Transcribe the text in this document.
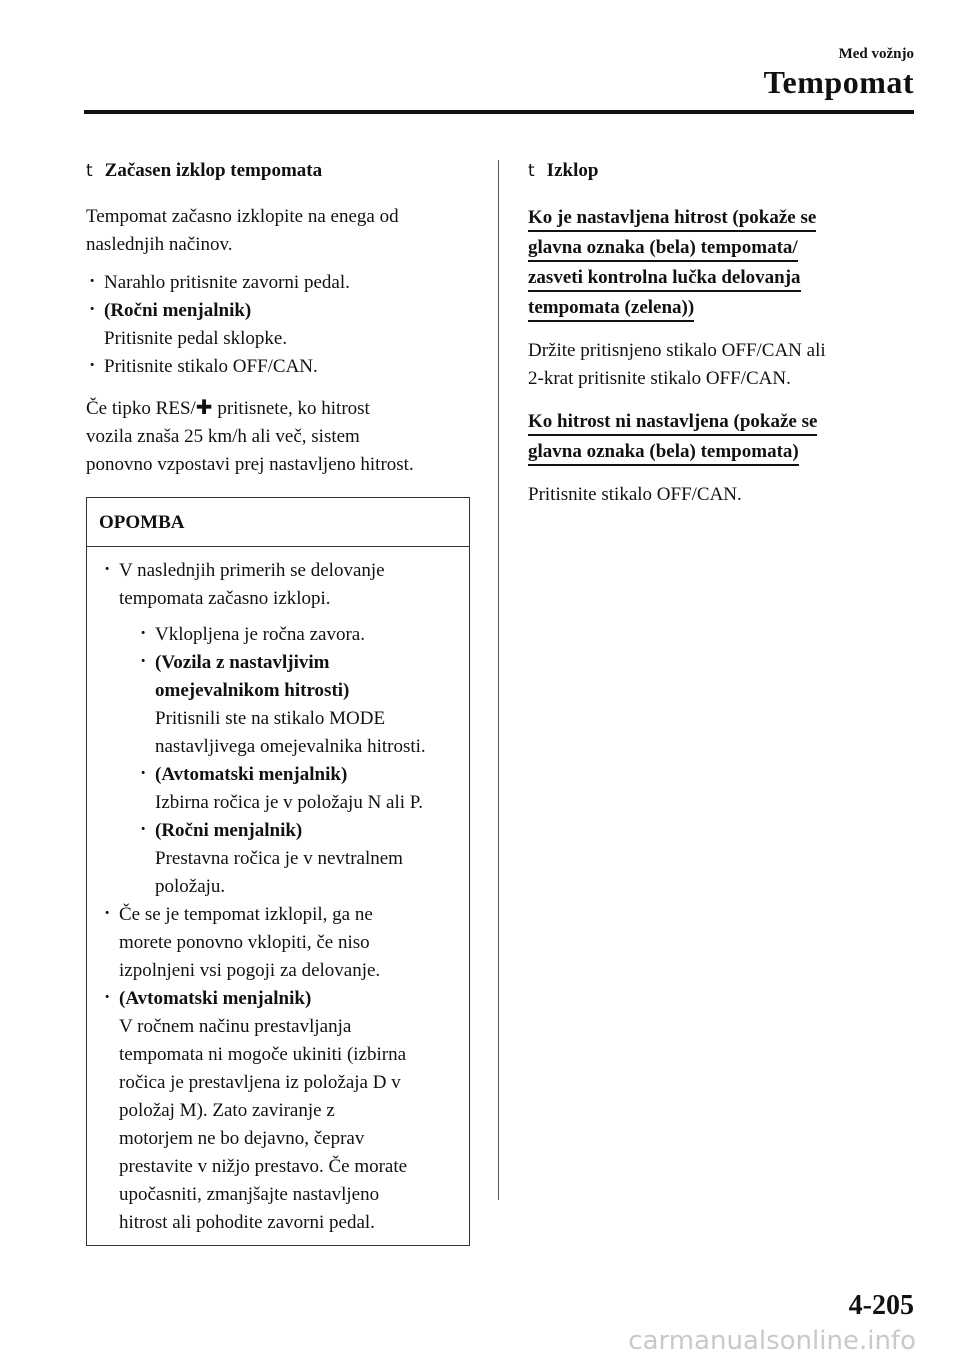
Med vožnjo
Tempomat
t Začasen izklop tempomata
Tempomat začasno izklopite na enega od
naslednjih načinov.
· Narahlo pritisnite zavorni pedal.
· (Ročni menjalnik)
Pritisnite pedal sklopke.
· Pritisnite stikalo OFF/CAN.
Če tipko RES/✚ pritisnete, ko hitrost
vozila znaša 25 km/h ali več, sistem
ponovno vzpostavi prej nastavljeno hitrost.
OPOMBA
· V naslednjih primerih se delovanje
tempomata začasno izklopi.
· Vklopljena je ročna zavora.
· (Vozila z nastavljivim
omejevalnikom hitrosti)
Pritisnili ste na stikalo MODE
nastavljivega omejevalnika hitrosti.
· (Avtomatski menjalnik)
Izbirna ročica je v položaju N ali P.
· (Ročni menjalnik)
Prestavna ročica je v nevtralnem
položaju.
· Če se je tempomat izklopil, ga ne
morete ponovno vklopiti, če niso
izpolnjeni vsi pogoji za delovanje.
· (Avtomatski menjalnik)
V ročnem načinu prestavljanja
tempomata ni mogoče ukiniti (izbirna
ročica je prestavljena iz položaja D v
položaj M). Zato zaviranje z
motorjem ne bo dejavno, čeprav
prestavite v nižjo prestavo. Če morate
upočasniti, zmanjšajte nastavljeno
hitrost ali pohodite zavorni pedal.
t Izklop
Ko je nastavljena hitrost (pokaže se
glavna oznaka (bela) tempomata/
zasveti kontrolna lučka delovanja
tempomata (zelena))
Držite pritisnjeno stikalo OFF/CAN ali
2-krat pritisnite stikalo OFF/CAN.
Ko hitrost ni nastavljena (pokaže se
glavna oznaka (bela) tempomata)
Pritisnite stikalo OFF/CAN.
4-205
carmanualsonline.info
